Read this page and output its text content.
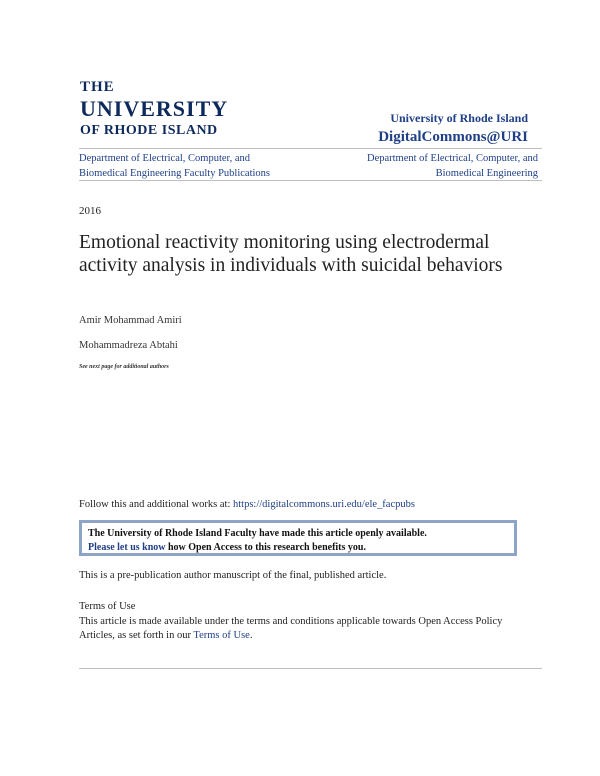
THE
UNIVERSITY
OF RHODE ISLAND
University of Rhode Island
DigitalCommons@URI
Department of Electrical, Computer, and
Biomedical Engineering Faculty Publications
Department of Electrical, Computer, and
Biomedical Engineering
2016
Emotional reactivity monitoring using electrodermal activity analysis in individuals with suicidal behaviors
Amir Mohammad Amiri
Mohammadreza Abtahi
See next page for additional authors
Follow this and additional works at: https://digitalcommons.uri.edu/ele_facpubs
The University of Rhode Island Faculty have made this article openly available.
Please let us know how Open Access to this research benefits you.
This is a pre-publication author manuscript of the final, published article.
Terms of Use
This article is made available under the terms and conditions applicable towards Open Access Policy Articles, as set forth in our Terms of Use.
